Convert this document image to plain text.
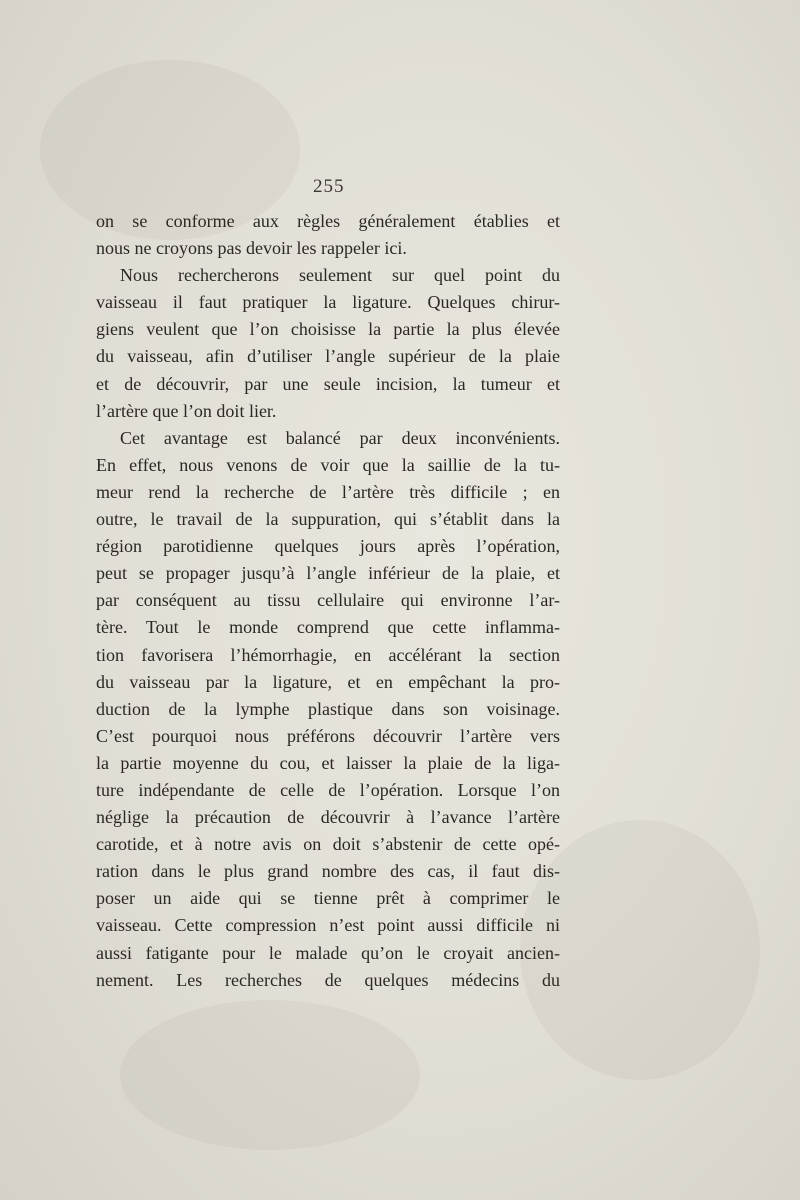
255
on se conforme aux règles généralement établies et
nous ne croyons pas devoir les rappeler ici.
Nous rechercherons seulement sur quel point du
vaisseau il faut pratiquer la ligature. Quelques chirur-
giens veulent que l’on choisisse la partie la plus élevée
du vaisseau, afin d’utiliser l’angle supérieur de la plaie
et de découvrir, par une seule incision, la tumeur et
l’artère que l’on doit lier.
Cet avantage est balancé par deux inconvénients.
En effet, nous venons de voir que la saillie de la tu-
meur rend la recherche de l’artère très difficile ; en
outre, le travail de la suppuration, qui s’établit dans la
région parotidienne quelques jours après l’opération,
peut se propager jusqu’à l’angle inférieur de la plaie, et
par conséquent au tissu cellulaire qui environne l’ar-
tère. Tout le monde comprend que cette inflamma-
tion favorisera l’hémorrhagie, en accélérant la section
du vaisseau par la ligature, et en empêchant la pro-
duction de la lymphe plastique dans son voisinage.
C’est pourquoi nous préférons découvrir l’artère vers
la partie moyenne du cou, et laisser la plaie de la liga-
ture indépendante de celle de l’opération. Lorsque l’on
néglige la précaution de découvrir à l’avance l’artère
carotide, et à notre avis on doit s’abstenir de cette opé-
ration dans le plus grand nombre des cas, il faut dis-
poser un aide qui se tienne prêt à comprimer le
vaisseau. Cette compression n’est point aussi difficile ni
aussi fatigante pour le malade qu’on le croyait ancien-
nement. Les recherches de quelques médecins du
